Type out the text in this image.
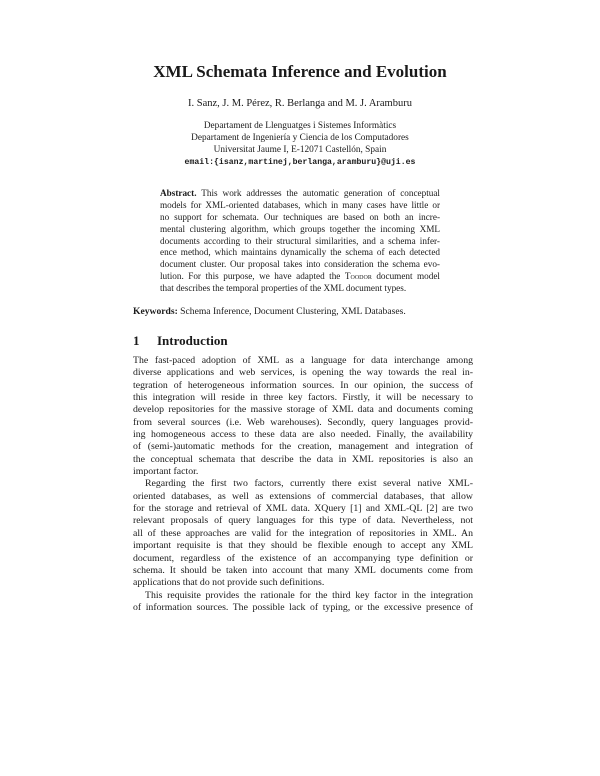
XML Schemata Inference and Evolution
I. Sanz, J. M. Pérez, R. Berlanga and M. J. Aramburu
Departament de Llenguatges i Sistemes Informàtics
Departament de Ingeniería y Ciencia de los Computadores
Universitat Jaume I, E-12071 Castellón, Spain
email:{isanz,martinej,berlanga,aramburu}@uji.es
Abstract. This work addresses the automatic generation of conceptual
models for XML-oriented databases, which in many cases have little or
no support for schemata. Our techniques are based on both an incre-
mental clustering algorithm, which groups together the incoming XML
documents according to their structural similarities, and a schema infer-
ence method, which maintains dynamically the schema of each detected
document cluster. Our proposal takes into consideration the schema evo-
lution. For this purpose, we have adapted the Toodor document model
that describes the temporal properties of the XML document types.
Keywords: Schema Inference, Document Clustering, XML Databases.
1 Introduction
The fast-paced adoption of XML as a language for data interchange among
diverse applications and web services, is opening the way towards the real in-
tegration of heterogeneous information sources. In our opinion, the success of
this integration will reside in three key factors. Firstly, it will be necessary to
develop repositories for the massive storage of XML data and documents coming
from several sources (i.e. Web warehouses). Secondly, query languages provid-
ing homogeneous access to these data are also needed. Finally, the availability
of (semi-)automatic methods for the creation, management and integration of
the conceptual schemata that describe the data in XML repositories is also an
important factor.
Regarding the first two factors, currently there exist several native XML-
oriented databases, as well as extensions of commercial databases, that allow
for the storage and retrieval of XML data. XQuery [1] and XML-QL [2] are two
relevant proposals of query languages for this type of data. Nevertheless, not
all of these approaches are valid for the integration of repositories in XML. An
important requisite is that they should be flexible enough to accept any XML
document, regardless of the existence of an accompanying type definition or
schema. It should be taken into account that many XML documents come from
applications that do not provide such definitions.
This requisite provides the rationale for the third key factor in the integration
of information sources. The possible lack of typing, or the excessive presence of
